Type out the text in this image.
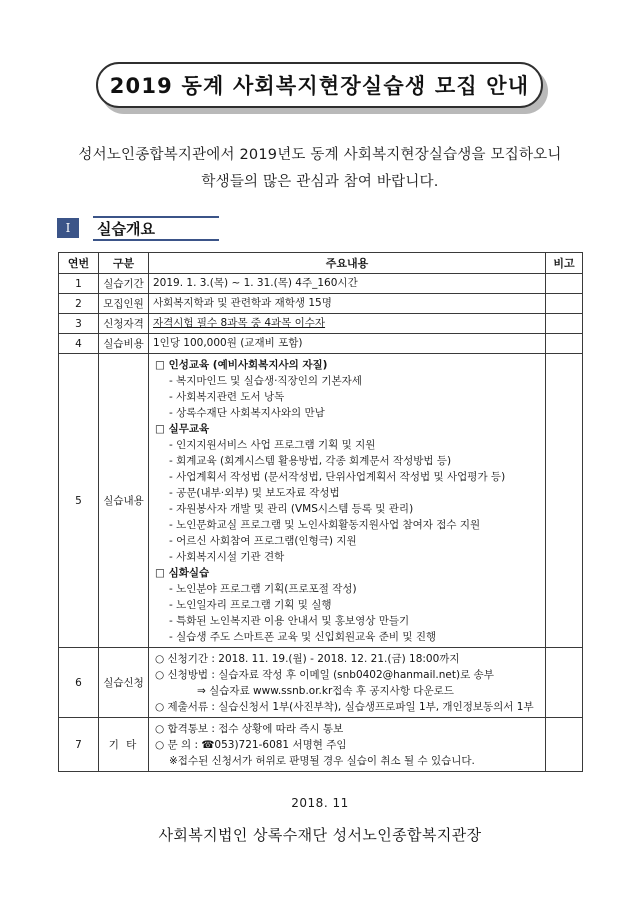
2019 동계 사회복지현장실습생 모집 안내
성서노인종합복지관에서 2019년도 동계 사회복지현장실습생을 모집하오니
학생들의 많은 관심과 참여 바랍니다.
I	실습개요
연번	구분	주요내용	비고
1	실습기간	2019. 1. 3.(목) ~ 1. 31.(목) 4주_160시간	
2	모집인원	사회복지학과 및 관련학과 재학생 15명	
3	신청자격	자격시험 필수 8과목 중 4과목 이수자	
4	실습비용	1인당 100,000원 (교재비 포함)	
5	실습내용	
□ 인성교육 (예비사회복지사의 자질)
- 복지마인드 및 실습생·직장인의 기본자세
- 사회복지관련 도서 낭독
- 상록수재단 사회복지사와의 만남
□ 실무교육
- 인지지원서비스 사업 프로그램 기획 및 지원
- 회계교육 (회계시스템 활용방법, 각종 회계문서 작성방법 등)
- 사업계획서 작성법 (문서작성법, 단위사업계획서 작성법 및 사업평가 등)
- 공문(내부·외부) 및 보도자료 작성법
- 자원봉사자 개발 및 관리 (VMS시스템 등록 및 관리)
- 노인문화교실 프로그램 및 노인사회활동지원사업 참여자 접수 지원
- 어르신 사회참여 프로그램(인형극) 지원
- 사회복지시설 기관 견학
□ 심화실습
- 노인분야 프로그램 기획(프로포절 작성)
- 노인일자리 프로그램 기획 및 실행
- 특화된 노인복지관 이용 안내서 및 홍보영상 만들기
- 실습생 주도 스마트폰 교육 및 신입회원교육 준비 및 진행

6	실습신청	○ 신청기간 : 2018. 11. 19.(월) - 2018. 12. 21.(금) 18:00까지
○ 신청방법 : 실습자료 작성 후 이메일 (snb0402@hanmail.net)로 송부
⇒ 실습자료 www.ssnb.or.kr접속 후 공지사항 다운로드
○ 제출서류 : 실습신청서 1부(사진부착), 실습생프로파일 1부, 개인정보동의서 1부	

7	기 타	○ 합격통보 : 접수 상황에 따라 즉시 통보
○ 문 의 : ☎053)721-6081 서명현 주임
※접수된 신청서가 허위로 판명될 경우 실습이 취소 될 수 있습니다.	

2018. 11
사회복지법인 상록수재단 성서노인종합복지관장
